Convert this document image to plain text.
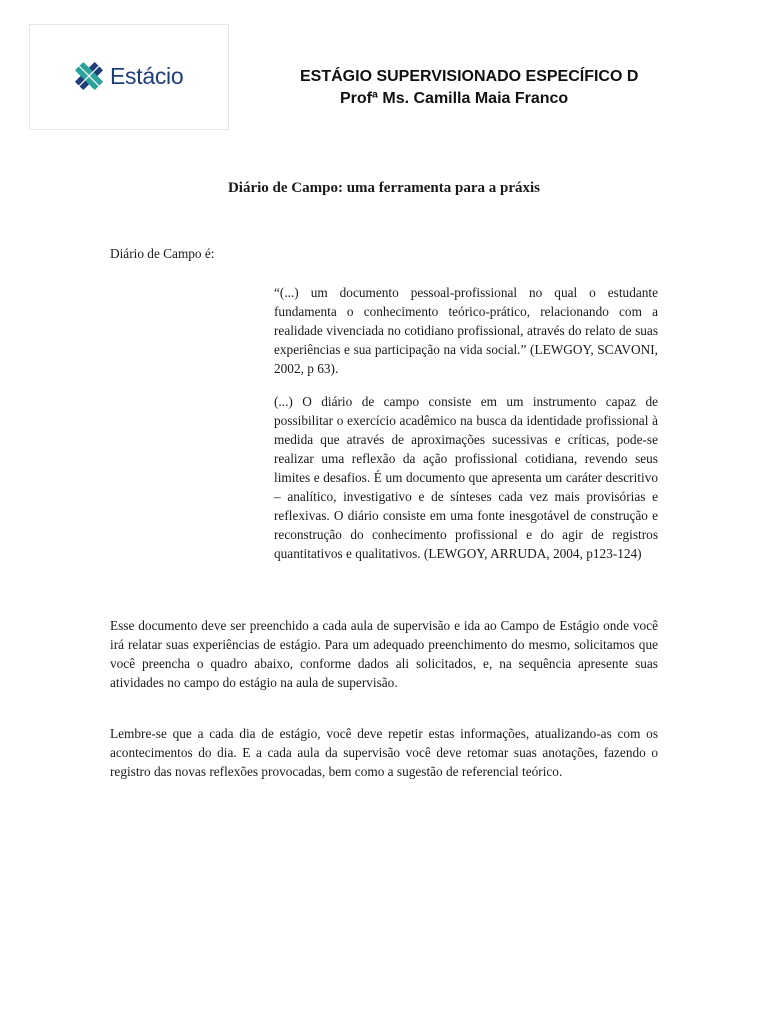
Estácio	ESTÁGIO SUPERVISIONADO ESPECÍFICO D
Profª Ms. Camilla Maia Franco
Diário de Campo: uma ferramenta para a práxis
Diário de Campo é:
“(...) um documento pessoal-profissional no qual o estudante fundamenta o conhecimento teórico-prático, relacionando com a realidade vivenciada no cotidiano profissional, através do relato de suas experiências e sua participação na vida social.” (LEWGOY, SCAVONI, 2002, p 63).
(...) O diário de campo consiste em um instrumento capaz de possibilitar o exercício acadêmico na busca da identidade profissional à medida que através de aproximações sucessivas e críticas, pode-se realizar uma reflexão da ação profissional cotidiana, revendo seus limites e desafios. É um documento que apresenta um caráter descritivo – analítico, investigativo e de sínteses cada vez mais provisórias e reflexivas. O diário consiste em uma fonte inesgotável de construção e reconstrução do conhecimento profissional e do agir de registros quantitativos e qualitativos. (LEWGOY, ARRUDA, 2004, p123-124)
Esse documento deve ser preenchido a cada aula de supervisão e ida ao Campo de Estágio onde você irá relatar suas experiências de estágio. Para um adequado preenchimento do mesmo, solicitamos que você preencha o quadro abaixo, conforme dados ali solicitados, e, na sequência apresente suas atividades no campo do estágio na aula de supervisão.
Lembre-se que a cada dia de estágio, você deve repetir estas informações, atualizando-as com os acontecimentos do dia. E a cada aula da supervisão você deve retomar suas anotações, fazendo o registro das novas reflexões provocadas, bem como a sugestão de referencial teórico.
